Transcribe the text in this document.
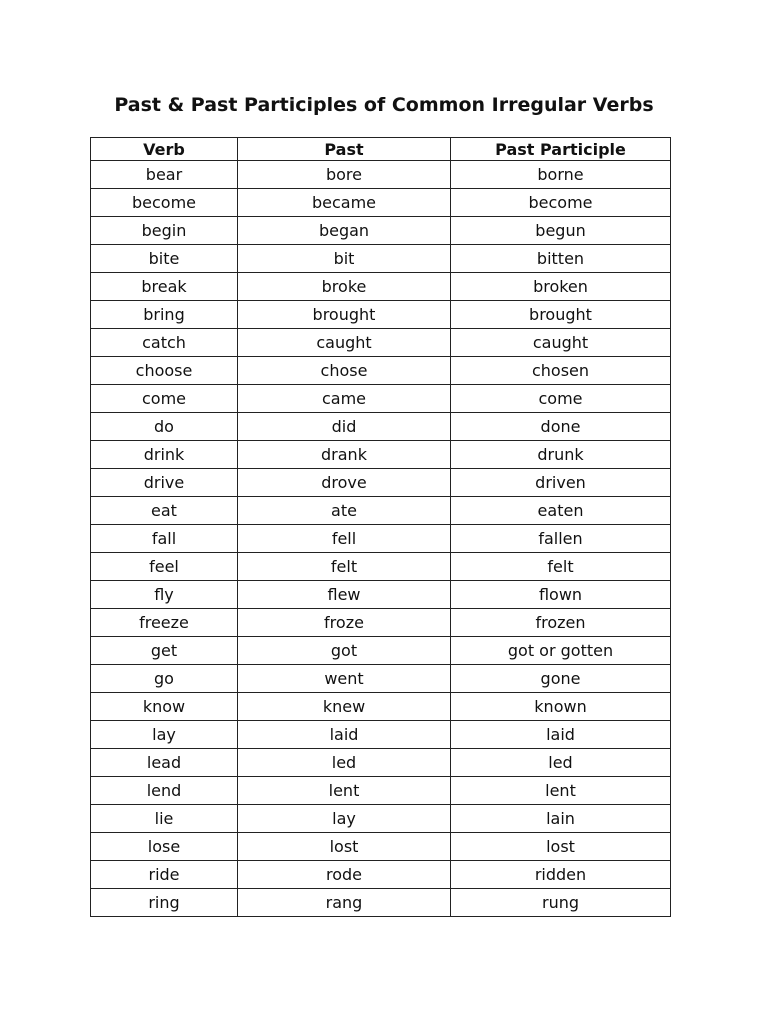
Past & Past Participles of Common Irregular Verbs
Verb	Past	Past Participle
bear	bore	borne
become	became	become
begin	began	begun
bite	bit	bitten
break	broke	broken
bring	brought	brought
catch	caught	caught
choose	chose	chosen
come	came	come
do	did	done
drink	drank	drunk
drive	drove	driven
eat	ate	eaten
fall	fell	fallen
feel	felt	felt
fly	flew	flown
freeze	froze	frozen
get	got	got or gotten
go	went	gone
know	knew	known
lay	laid	laid
lead	led	led
lend	lent	lent
lie	lay	lain
lose	lost	lost
ride	rode	ridden
ring	rang	rung
